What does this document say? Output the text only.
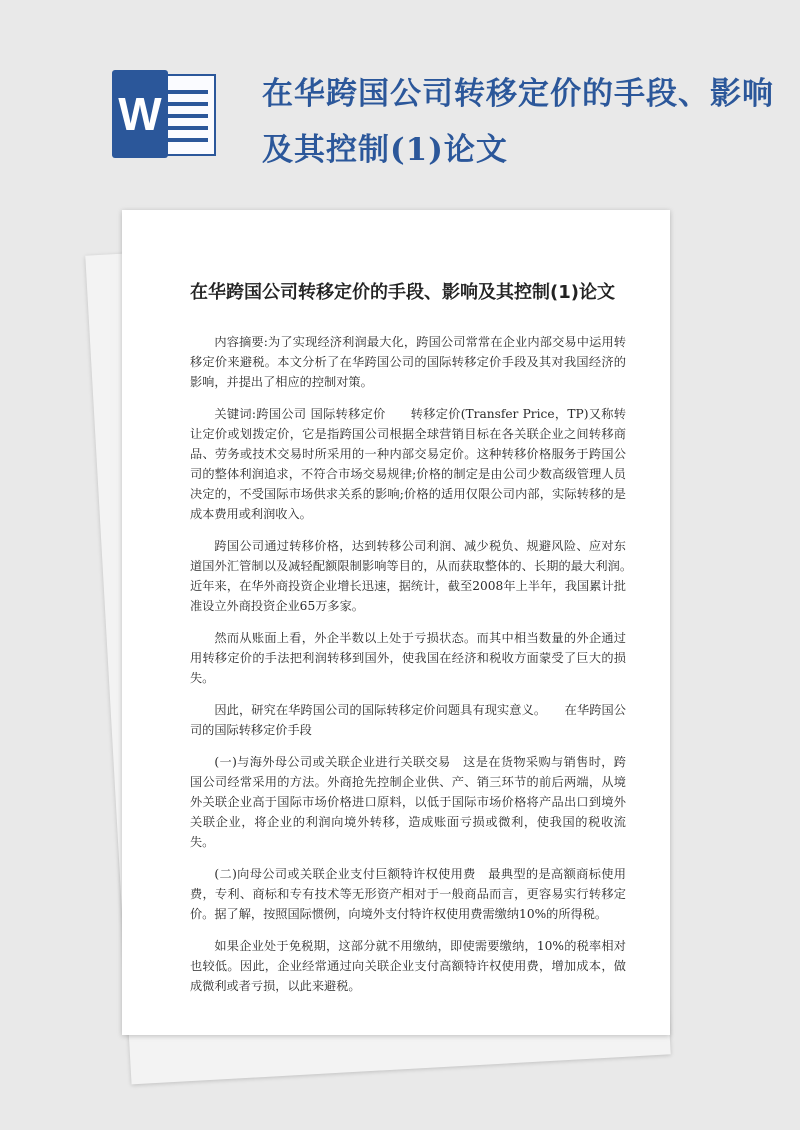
W	在华跨国公司转移定价的手段、影响及其控制(1)论文
在华跨国公司转移定价的手段、影响及其控制(1)论文

内容摘要:为了实现经济利润最大化，跨国公司常常在企业内部交易中运用转移定价来避税。本文分析了在华跨国公司的国际转移定价手段及其对我国经济的影响，并提出了相应的控制对策。

关键词:跨国公司 国际转移定价　　转移定价(Transfer Price，TP)又称转让定价或划拨定价，它是指跨国公司根据全球营销目标在各关联企业之间转移商品、劳务或技术交易时所采用的一种内部交易定价。这种转移价格服务于跨国公司的整体利润追求，不符合市场交易规律;价格的制定是由公司少数高级管理人员决定的，不受国际市场供求关系的影响;价格的适用仅限公司内部，实际转移的是成本费用或利润收入。

跨国公司通过转移价格，达到转移公司利润、减少税负、规避风险、应对东道国外汇管制以及减轻配额限制影响等目的，从而获取整体的、长期的最大利润。　近年来，在华外商投资企业增长迅速，据统计，截至2008年上半年，我国累计批准设立外商投资企业65万多家。

然而从账面上看，外企半数以上处于亏损状态。而其中相当数量的外企通过用转移定价的手法把利润转移到国外，使我国在经济和税收方面蒙受了巨大的损失。

因此，研究在华跨国公司的国际转移定价问题具有现实意义。　　在华跨国公司的国际转移定价手段

(一)与海外母公司或关联企业进行关联交易　这是在货物采购与销售时，跨国公司经常采用的方法。外商抢先控制企业供、产、销三环节的前后两端，从境外关联企业高于国际市场价格进口原料，以低于国际市场价格将产品出口到境外关联企业，将企业的利润向境外转移，造成账面亏损或微利，使我国的税收流失。

(二)向母公司或关联企业支付巨额特许权使用费　最典型的是高额商标使用费，专利、商标和专有技术等无形资产相对于一般商品而言，更容易实行转移定价。据了解，按照国际惯例，向境外支付特许权使用费需缴纳10%的所得税。

如果企业处于免税期，这部分就不用缴纳，即使需要缴纳，10%的税率相对也较低。因此，企业经常通过向关联企业支付高额特许权使用费，增加成本，做成微利或者亏损，以此来避税。
